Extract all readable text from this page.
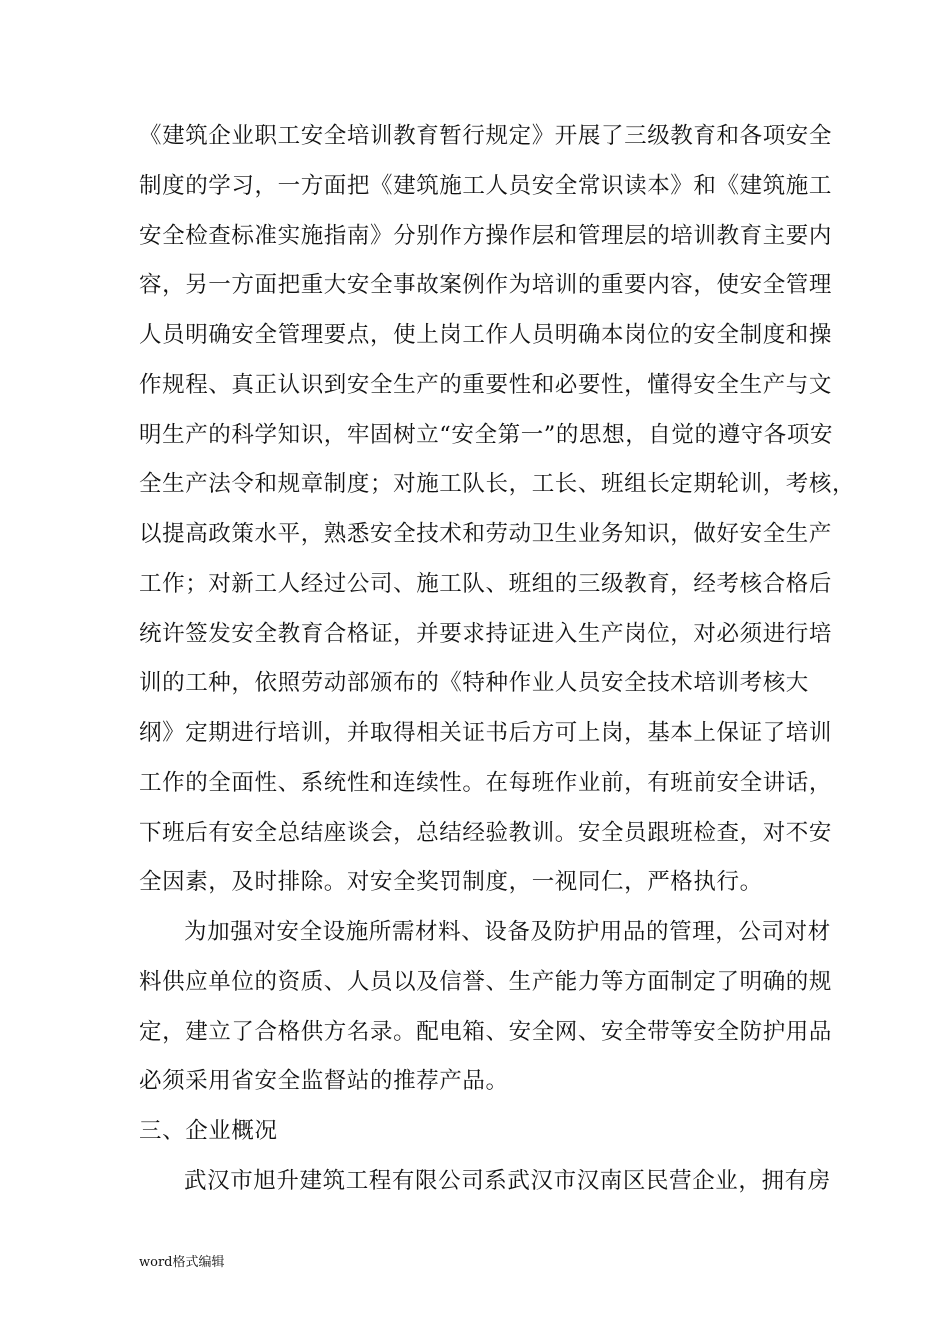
《建筑企业职工安全培训教育暂行规定》开展了三级教育和各项安全
制度的学习，一方面把《建筑施工人员安全常识读本》和《建筑施工
安全检查标准实施指南》分别作方操作层和管理层的培训教育主要内
容，另一方面把重大安全事故案例作为培训的重要内容，使安全管理
人员明确安全管理要点，使上岗工作人员明确本岗位的安全制度和操
作规程、真正认识到安全生产的重要性和必要性，懂得安全生产与文
明生产的科学知识，牢固树立“安全第一”的思想，自觉的遵守各项安
全生产法令和规章制度；对施工队长，工长、班组长定期轮训，考核，
以提高政策水平，熟悉安全技术和劳动卫生业务知识，做好安全生产
工作；对新工人经过公司、施工队、班组的三级教育，经考核合格后
统许签发安全教育合格证，并要求持证进入生产岗位，对必须进行培
训的工种，依照劳动部颁布的《特种作业人员安全技术培训考核大
纲》定期进行培训，并取得相关证书后方可上岗，基本上保证了培训
工作的全面性、系统性和连续性。在每班作业前，有班前安全讲话，
下班后有安全总结座谈会，总结经验教训。安全员跟班检查，对不安
全因素，及时排除。对安全奖罚制度，一视同仁，严格执行。
为加强对安全设施所需材料、设备及防护用品的管理，公司对材
料供应单位的资质、人员以及信誉、生产能力等方面制定了明确的规
定，建立了合格供方名录。配电箱、安全网、安全带等安全防护用品
必须采用省安全监督站的推荐产品。
三、企业概况
武汉市旭升建筑工程有限公司系武汉市汉南区民营企业，拥有房
word格式编辑
